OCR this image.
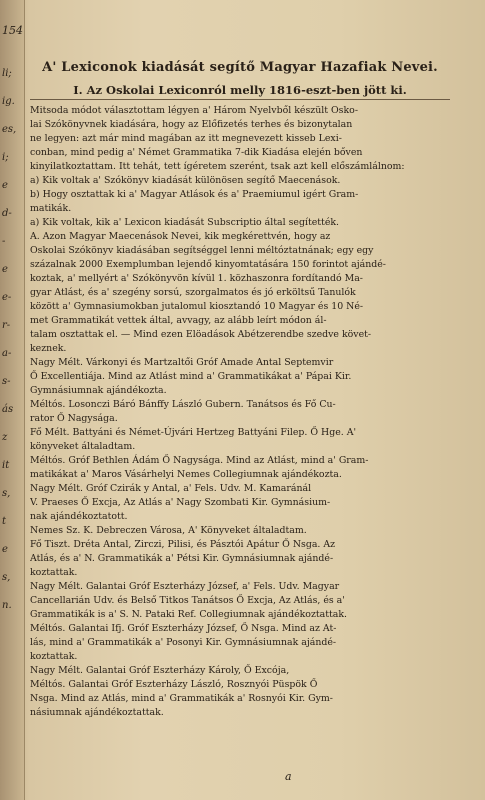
154
li;
ig.
es,
i;
e
d-
-
e
e-
r-
a-
s-
ás
z
it
s,
t
e
s,
n.
A' Lexiconok kiadását segítő Magyar Hazafiak Nevei.
I. Az Oskolai Lexiconról melly 1816-eszt-ben jött ki.
Mitsoda módot választottam légyen a' Három Nyelvből készült Osko-
lai Szókönyvnek kiadására, hogy az Előfizetés terhes és bizonytalan
ne legyen: azt már mind magában az itt megnevezett kisseb Lexi-
conban, mind pedig a' Német Grammatika 7-dik Kiadása elején bőven
kinyilatkoztattam. Itt tehát, tett ígéretem szerént, tsak azt kell előszámlálnom:
a) Kik voltak a' Szókönyv kiadását különösen segítő Maecenások.
b) Hogy osztattak ki a' Magyar Atlások és a' Praemiumul igért Gram-
matikák.
a) Kik voltak, kik a' Lexicon kiadását Subscriptio által segítették.
A. Azon Magyar Maecenások Nevei, kik megkérettvén, hogy az
Oskolai Szókönyv kiadásában segítséggel lenni méltóztatnának; egy egy
százalnak 2000 Exemplumban lejendő kinyomtatására 150 forintot ajándé-
koztak, a' mellyért a' Szókönyvön kívül 1. közhaszonra fordítandó Ma-
gyar Atlást, és a' szegény sorsú, szorgalmatos és jó erköltsű Tanulók
között a' Gymnasiumokban jutalomul kiosztandó 10 Magyar és 10 Né-
met Grammatikát vettek által, avvagy, az alább leírt módon ál-
talam osztattak el. — Mind ezen Elöadások Abétzerendbe szedve követ-
keznek.
Nagy Mélt. Várkonyi és Martzaltői Gróf Amade Antal Septemvir
Ő Excellentiája. Mind az Atlást mind a' Grammatikákat a' Pápai Kir.
Gymnásiumnak ajándékozta.
Méltós. Losonczi Báró Bánffy László Gubern. Tanátsos és Fő Cu-
rator Ő Nagysága.
Fő Mélt. Battyáni és Német-Újvári Hertzeg Battyáni Filep. Ő Hge. A'
könyveket általadtam.
Méltós. Gróf Bethlen Ádám Ő Nagysága. Mind az Atlást, mind a' Gram-
matikákat a' Maros Vásárhelyi Nemes Collegiumnak ajándékozta.
Nagy Mélt. Gróf Czirák y Antal, a' Fels. Udv. M. Kamaránál
V. Praeses Ő Excja, Az Atlás a' Nagy Szombati Kir. Gymnásium-
nak ajándékoztatott.
Nemes Sz. K. Debreczen Városa, A' Könyveket általadtam.
Fő Tiszt. Dréta Antal, Zirczi, Pilisi, és Pásztói Apátur Ő Nsga. Az
Atlás, és a' N. Grammatikák a' Pétsi Kir. Gymnásiumnak ajándé-
koztattak.
Nagy Mélt. Galantai Gróf Eszterházy József, a' Fels. Udv. Magyar
Cancellarián Udv. és Belső Titkos Tanátsos Ő Excja, Az Atlás, és a'
Grammatikák is a' S. N. Pataki Ref. Collegiumnak ajándékoztattak.
Méltós. Galantai Ifj. Gróf Eszterházy József, Ő Nsga. Mind az At-
lás, mind a' Grammatikák a' Posonyi Kir. Gymnásiumnak ajándé-
koztattak.
Nagy Mélt. Galantai Gróf Eszterházy Károly, Ő Excója,
Méltós. Galantai Gróf Eszterházy László, Rosznyói Püspök Ő
Nsga. Mind az Atlás, mind a' Grammatikák a' Rosnyói Kir. Gym-
násiumnak ajándékoztattak.
a
